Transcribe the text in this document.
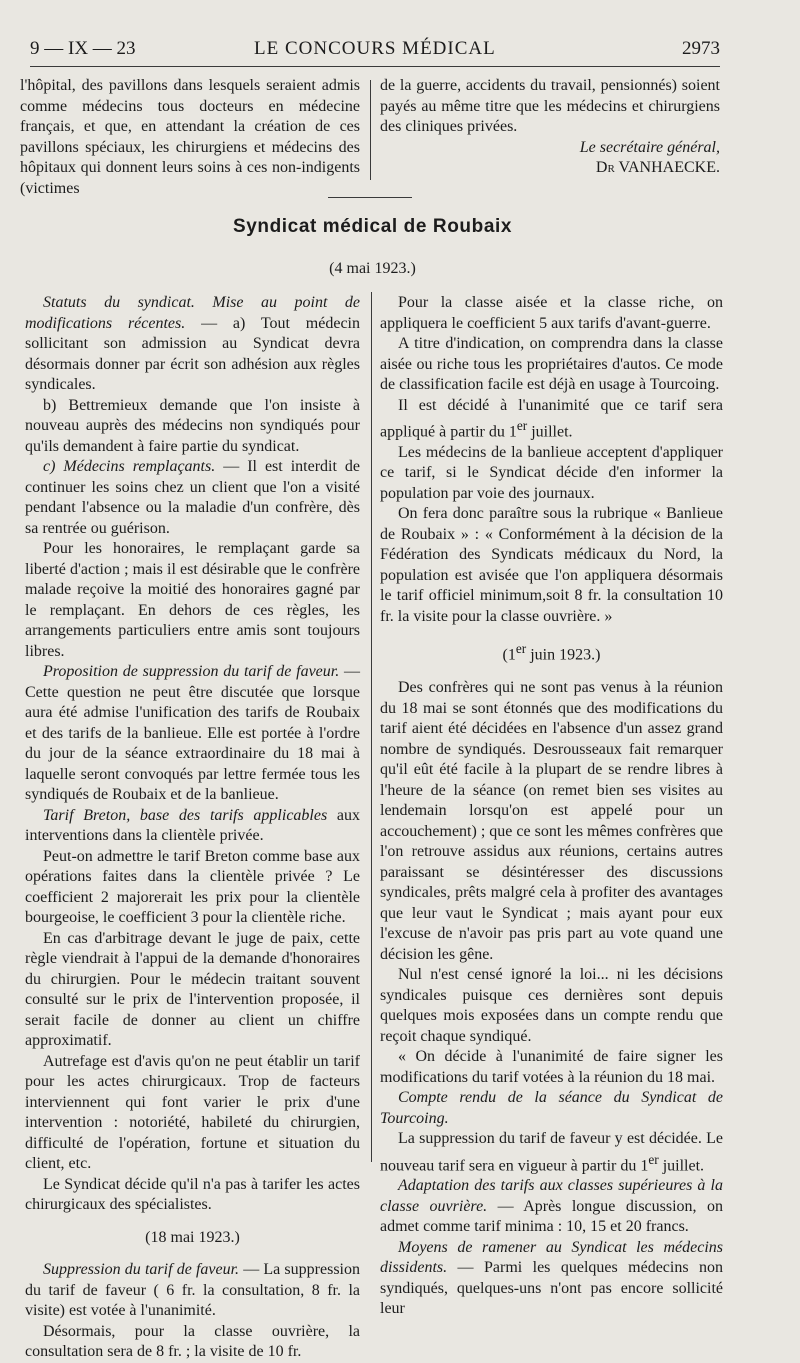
9 — IX — 23	LE CONCOURS MÉDICAL	2973

l'hôpital, des pavillons dans lesquels seraient admis comme médecins tous docteurs en médecine français, et que, en attendant la création de ces pavillons spéciaux, les chirurgiens et médecins des hôpitaux qui donnent leurs soins à ces non-indigents (victimes

de la guerre, accidents du travail, pensionnés) soient payés au même titre que les médecins et chirurgiens des cliniques privées.

Le secrétaire général,

Dr VANHAECKE.

Syndicat médical de Roubaix
(4 mai 1923.)

Statuts du syndicat. Mise au point de modifications récentes. — a) Tout médecin sollicitant son admission au Syndicat devra désormais donner par écrit son adhésion aux règles syndicales.

b) Bettremieux demande que l'on insiste à nouveau auprès des médecins non syndiqués pour qu'ils demandent à faire partie du syndicat.

c) Médecins remplaçants. — Il est interdit de continuer les soins chez un client que l'on a visité pendant l'absence ou la maladie d'un confrère, dès sa rentrée ou guérison.

Pour les honoraires, le remplaçant garde sa liberté d'action ; mais il est désirable que le confrère malade reçoive la moitié des honoraires gagné par le remplaçant. En dehors de ces règles, les arrangements particuliers entre amis sont toujours libres.

Proposition de suppression du tarif de faveur. — Cette question ne peut être discutée que lorsque aura été admise l'unification des tarifs de Roubaix et des tarifs de la banlieue. Elle est portée à l'ordre du jour de la séance extraordinaire du 18 mai à laquelle seront convoqués par lettre fermée tous les syndiqués de Roubaix et de la banlieue.

Tarif Breton, base des tarifs applicables aux interventions dans la clientèle privée.

Peut-on admettre le tarif Breton comme base aux opérations faites dans la clientèle privée ? Le coefficient 2 majorerait les prix pour la clientèle bourgeoise, le coefficient 3 pour la clientèle riche.

En cas d'arbitrage devant le juge de paix, cette règle viendrait à l'appui de la demande d'honoraires du chirurgien. Pour le médecin traitant souvent consulté sur le prix de l'intervention proposée, il serait facile de donner au client un chiffre approximatif.

Autrefage est d'avis qu'on ne peut établir un tarif pour les actes chirurgicaux. Trop de facteurs interviennent qui font varier le prix d'une intervention : notoriété, habileté du chirurgien, difficulté de l'opération, fortune et situation du client, etc.

Le Syndicat décide qu'il n'a pas à tarifer les actes chirurgicaux des spécialistes.

(18 mai 1923.)

Suppression du tarif de faveur. — La suppression du tarif de faveur ( 6 fr. la consultation, 8 fr. la visite) est votée à l'unanimité.

Désormais, pour la classe ouvrière, la consultation sera de 8 fr. ; la visite de 10 fr.

Pour la classe aisée et la classe riche, on appliquera le coefficient 5 aux tarifs d'avant-guerre.

A titre d'indication, on comprendra dans la classe aisée ou riche tous les propriétaires d'autos. Ce mode de classification facile est déjà en usage à Tourcoing.

Il est décidé à l'unanimité que ce tarif sera appliqué à partir du 1er juillet.

Les médecins de la banlieue acceptent d'appliquer ce tarif, si le Syndicat décide d'en informer la population par voie des journaux.

On fera donc paraître sous la rubrique « Banlieue de Roubaix » : « Conformément à la décision de la Fédération des Syndicats médicaux du Nord, la population est avisée que l'on appliquera désormais le tarif officiel minimum,soit 8 fr. la consultation 10 fr. la visite pour la classe ouvrière. »

(1er juin 1923.)

Des confrères qui ne sont pas venus à la réunion du 18 mai se sont étonnés que des modifications du tarif aient été décidées en l'absence d'un assez grand nombre de syndiqués. Desrousseaux fait remarquer qu'il eût été facile à la plupart de se rendre libres à l'heure de la séance (on remet bien ses visites au lendemain lorsqu'on est appelé pour un accouchement) ; que ce sont les mêmes confrères que l'on retrouve assidus aux réunions, certains autres paraissant se désintéresser des discussions syndicales, prêts malgré cela à profiter des avantages que leur vaut le Syndicat ; mais ayant pour eux l'excuse de n'avoir pas pris part au vote quand une décision les gêne.

Nul n'est censé ignoré la loi... ni les décisions syndicales puisque ces dernières sont depuis quelques mois exposées dans un compte rendu que reçoit chaque syndiqué.

« On décide à l'unanimité de faire signer les modifications du tarif votées à la réunion du 18 mai.

Compte rendu de la séance du Syndicat de Tourcoing.

La suppression du tarif de faveur y est décidée. Le nouveau tarif sera en vigueur à partir du 1er juillet.

Adaptation des tarifs aux classes supérieures à la classe ouvrière. — Après longue discussion, on admet comme tarif minima : 10, 15 et 20 francs.

Moyens de ramener au Syndicat les médecins dissidents. — Parmi les quelques médecins non syndiqués, quelques-uns n'ont pas encore sollicité leur
